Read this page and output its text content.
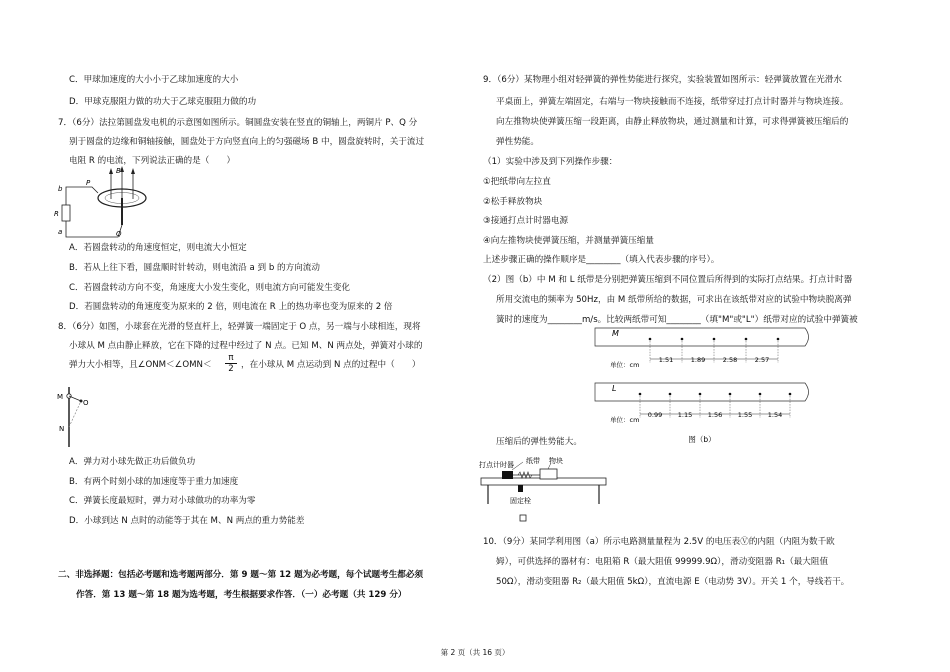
C．甲球加速度的大小小于乙球加速度的大小
D．甲球克服阻力做的功大于乙球克服阻力做的功
7．（6分）法拉第圆盘发电机的示意图如图所示。铜圆盘安装在竖直的铜轴上，两铜片 P、Q 分
别于圆盘的边缘和铜轴接触，圆盘处于方向竖直向上的匀强磁场 B 中，圆盘旋转时，关于流过
电阻 R 的电流，下列说法正确的是（　　）
b
a
R
P
B
Q
A．若圆盘转动的角速度恒定，则电流大小恒定
B．若从上往下看，圆盘顺时针转动，则电流沿 a 到 b 的方向流动
C．若圆盘转动方向不变，角速度大小发生变化，则电流方向可能发生变化
D．若圆盘转动的角速度变为原来的 2 倍，则电流在 R 上的热功率也变为原来的 2 倍
8．（6分）如图，小球套在光滑的竖直杆上，轻弹簧一端固定于 O 点，另一端与小球相连，现将
小球从 M 点由静止释放，它在下降的过程中经过了 N 点。已知 M、N 两点处，弹簧对小球的
弹力大小相等，且∠ONM＜∠OMN＜ $\frac{\pi}{2}$ ，在小球从 M 点运动到 N 点的过程中（　　）
M
O
N
A．弹力对小球先做正功后做负功
B．有两个时刻小球的加速度等于重力加速度
C．弹簧长度最短时，弹力对小球做功的功率为零
D．小球到达 N 点时的动能等于其在 M、N 两点的重力势能差
二、非选择题：包括必考题和选考题两部分．第 9 题～第 12 题为必考题，每个试题考生都必须
作答．第 13 题～第 18 题为选考题，考生根据要求作答．（一）必考题（共 129 分）
9．（6分）某物理小组对轻弹簧的弹性势能进行探究，实验装置如图所示：轻弹簧放置在光滑水
平桌面上，弹簧左端固定，右端与一物块接触而不连接，纸带穿过打点计时器并与物块连接。
向左推物块使弹簧压缩一段距离，由静止释放物块，通过测量和计算，可求得弹簧被压缩后的
弹性势能。
（1）实验中涉及到下列操作步骤：
①把纸带向左拉直
②松手释放物块
③接通打点计时器电源
④向左推物块使弹簧压缩，并测量弹簧压缩量
上述步骤正确的操作顺序是________（填入代表步骤的序号）。
（2）图（b）中 M 和 L 纸带是分别把弹簧压缩到不同位置后所得到的实际打点结果。打点计时器
所用交流电的频率为 50Hz，由 M 纸带所给的数据，可求出在该纸带对应的试验中物块脱离弹
簧时的速度为________m/s。比较两纸带可知________（填"M"或"L"）纸带对应的试验中弹簧被
M
L
单位：cm
单位：cm
1.51	1.89	2.58	2.57
0.99 1.15 1.56 1.55 1.54
图（b）
压缩后的弹性势能大。
打点计时器 纸带 物块
固定栓
10．（9分）某同学利用图（a）所示电路测量量程为 2.5V 的电压表Ⓥ的内阻（内阻为数千欧
姆），可供选择的器材有：电阻箱 R（最大阻值 99999.9Ω），滑动变阻器 R₁（最大阻值
50Ω），滑动变阻器 R₂（最大阻值 5kΩ），直流电源 E（电动势 3V）。开关 1 个，导线若干。
第 2 页（共 16 页）
